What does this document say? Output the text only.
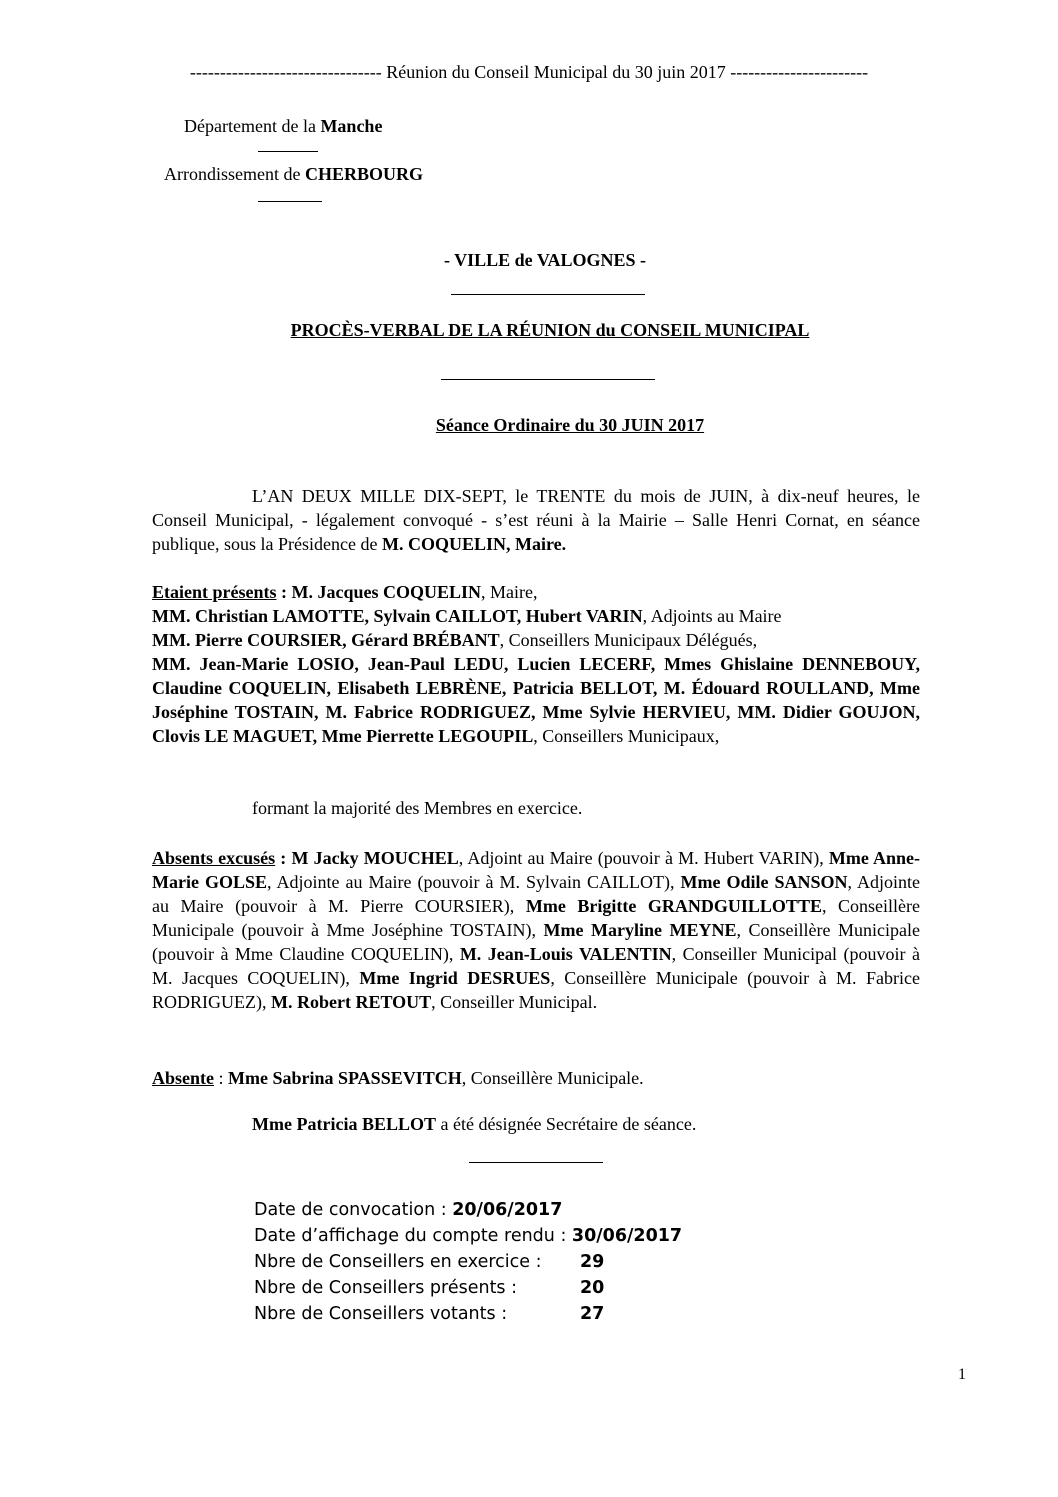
-------------------------------- Réunion du Conseil Municipal du 30 juin 2017 -----------------------
Département de la Manche
Arrondissement de CHERBOURG
- VILLE de VALOGNES -
PROCÈS-VERBAL DE LA RÉUNION du CONSEIL MUNICIPAL
Séance Ordinaire du 30 JUIN 2017
L’AN DEUX MILLE DIX-SEPT, le TRENTE du mois de JUIN, à dix-neuf heures, le Conseil Municipal, - légalement convoqué - s’est réuni à la Mairie – Salle Henri Cornat, en séance publique, sous la Présidence de M. COQUELIN, Maire.
Etaient présents : M. Jacques COQUELIN, Maire,
MM. Christian LAMOTTE, Sylvain CAILLOT, Hubert VARIN, Adjoints au Maire
MM. Pierre COURSIER, Gérard BRÉBANT, Conseillers Municipaux Délégués,
MM. Jean-Marie LOSIO, Jean-Paul LEDU, Lucien LECERF, Mmes Ghislaine DENNEBOUY, Claudine COQUELIN, Elisabeth LEBRÈNE, Patricia BELLOT, M. Édouard ROULLAND, Mme Joséphine TOSTAIN, M. Fabrice RODRIGUEZ, Mme Sylvie HERVIEU, MM. Didier GOUJON, Clovis LE MAGUET, Mme Pierrette LEGOUPIL, Conseillers Municipaux,
formant la majorité des Membres en exercice.
Absents excusés : M Jacky MOUCHEL, Adjoint au Maire (pouvoir à M. Hubert VARIN), Mme Anne-Marie GOLSE, Adjointe au Maire (pouvoir à M. Sylvain CAILLOT), Mme Odile SANSON, Adjointe au Maire (pouvoir à M. Pierre COURSIER), Mme Brigitte GRANDGUILLOTTE, Conseillère Municipale (pouvoir à Mme Joséphine TOSTAIN), Mme Maryline MEYNE, Conseillère Municipale (pouvoir à Mme Claudine COQUELIN), M. Jean-Louis VALENTIN, Conseiller Municipal (pouvoir à M. Jacques COQUELIN), Mme Ingrid DESRUES, Conseillère Municipale (pouvoir à M. Fabrice RODRIGUEZ), M. Robert RETOUT, Conseiller Municipal.
Absente : Mme Sabrina SPASSEVITCH, Conseillère Municipale.
Mme Patricia BELLOT a été désignée Secrétaire de séance.
Date de convocation : 20/06/2017
Date d’affichage du compte rendu : 30/06/2017
Nbre de Conseillers en exercice : 29
Nbre de Conseillers présents :	20
Nbre de Conseillers votants :	27
1
